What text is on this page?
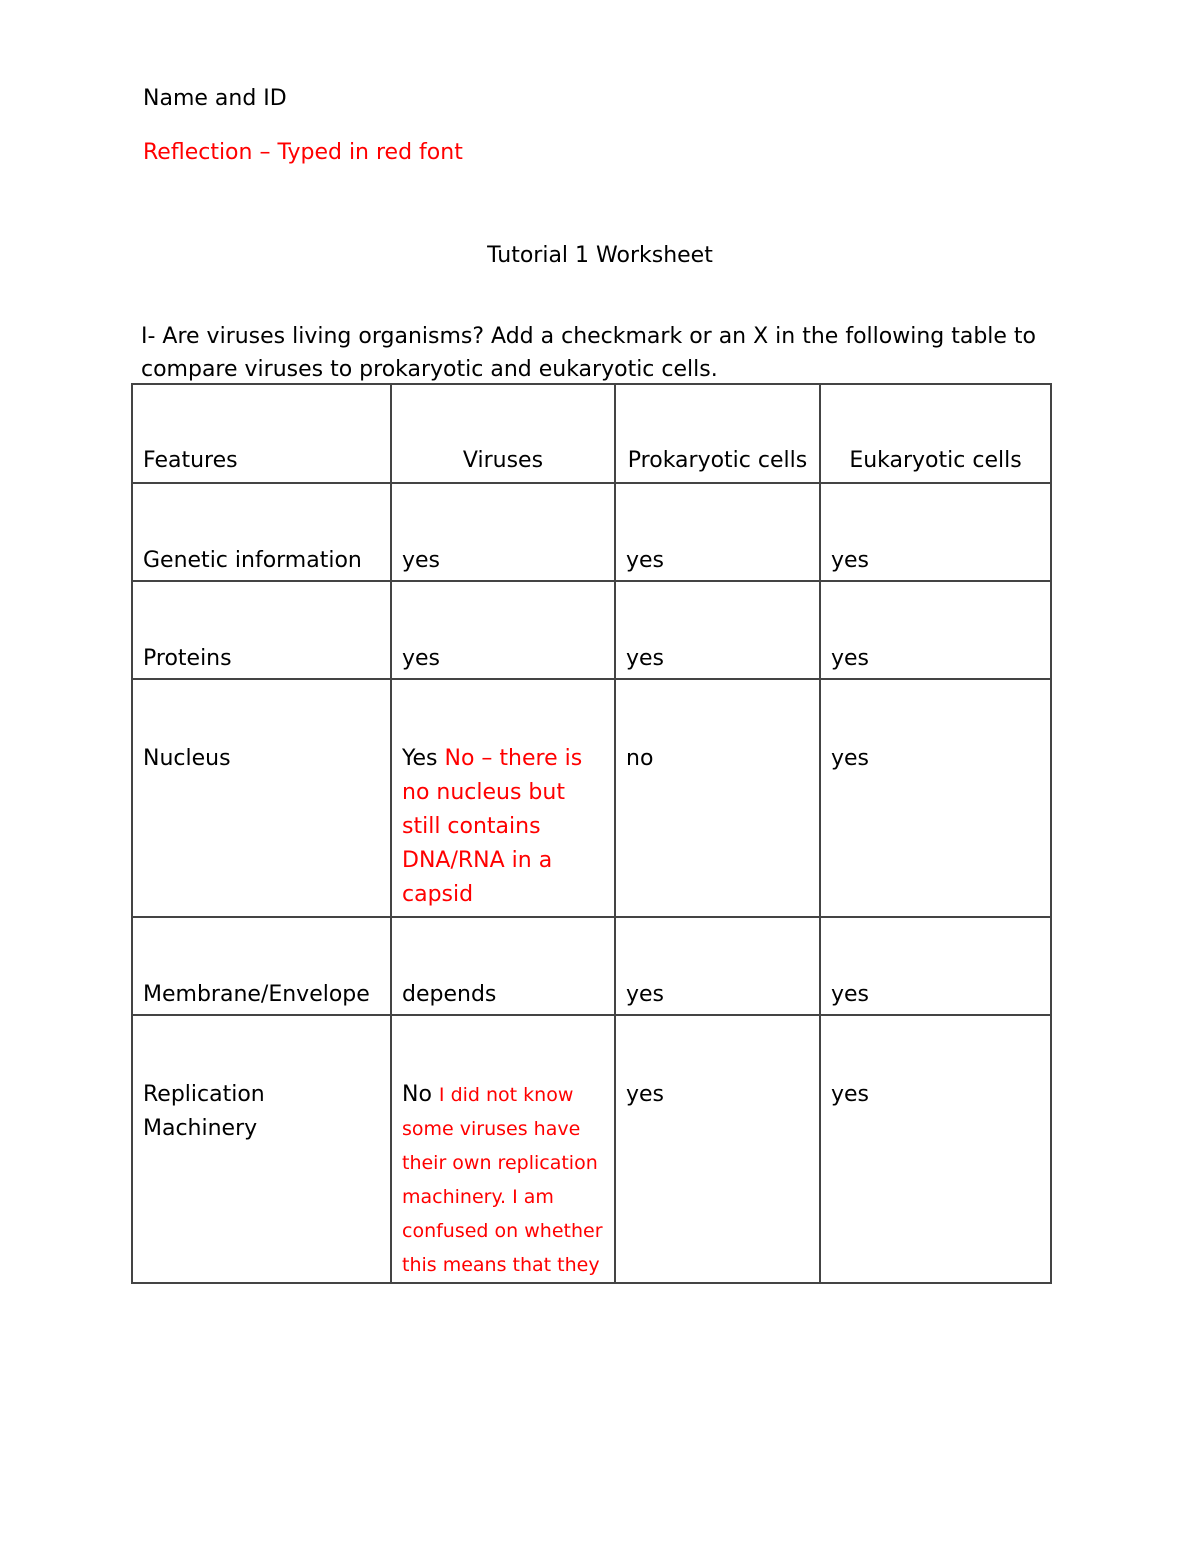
Name and ID
Reflection – Typed in red font
Tutorial 1 Worksheet
I- Are viruses living organisms? Add a checkmark or an X in the following table to compare viruses to prokaryotic and eukaryotic cells.
Features	Viruses	Prokaryotic cells	Eukaryotic cells
Genetic information	yes	yes	yes
Proteins	yes	yes	yes
Nucleus	Yes No – there is no nucleus but still contains DNA/RNA in a capsid	no	yes
Membrane/Envelope	depends	yes	yes
Replication Machinery	No I did not know some viruses have their own replication machinery. I am confused on whether this means that they	yes	yes
